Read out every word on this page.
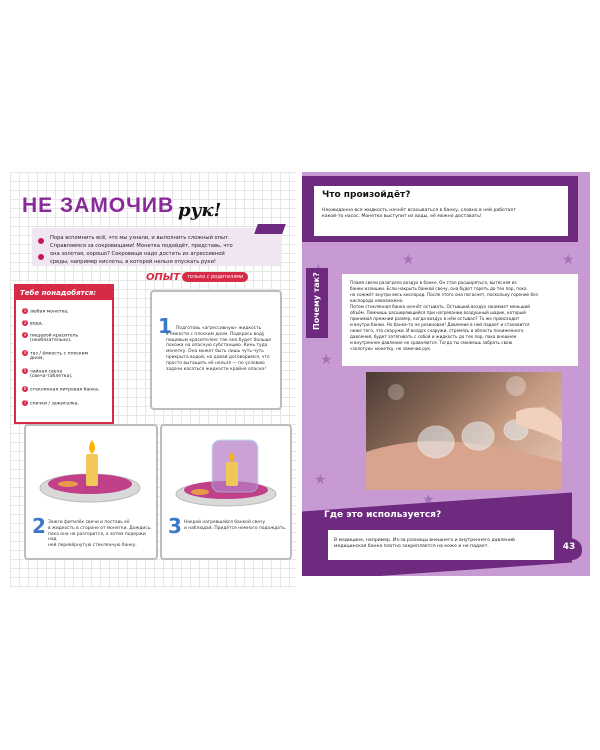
НЕ ЗАМОЧИВ рук!
Пора вспомнить всё, что мы узнали, и выполнить сложный опыт.
Справляемся за сокровищами! Монетка подойдёт, представь, что
она золотая, хорошо? Сокровище надо достать из агрессивной
среды, например кислоты, в которой нельзя опускать руки!
Тебе понадобятся:
1 любая монетка,
2 вода,
3 пищевой краситель
(необязательно),
4 таз / ёмкость с плоским
дном,
5 чайная свеча
(свеча-таблетка),
6 стеклянная литровая банка,
7 спички / зажигалка.
ОПЫТ	только с родителями
1 Подготовь «агрессивную» жидкость
в ёмкости с плоским дном. Подкрась воду
пищевым красителем: так она будет больше
похожа на опасную субстанцию. Кинь туда
монетку. Она может быть лишь чуть-чуть
прикрыта водой, но давай договоримся, что
просто вытащить её нельзя — по условию
задачи касаться жидкости крайне опасно!
2 Зажги фитилёк свечи и поставь её
в жидкость в стороне от монетки. Дождись,
пока она не разгорится, а затем подержи над
ней перевёрнутую стеклянную банку.
3 Накрой нагревшейся банкой свечу
и наблюдай. Придётся немного подождать.
★
★
★
★
★
Что произойдёт?
Неожиданно вся жидкость начнёт всасываться в банку, словно в ней работает
какой-то насос. Монетка выступит из воды, её можно доставать!
Почему так?	Пламя свечи разогрело воздух в банке. Он стал расширяться, вытесняя из
банки излишки. Если накрыть банкой свечу, она будет гореть до тех пор, пока
не сожжёт внутри весь кислород. После этого она погаснет, поскольку горение без
кислорода невозможно.
Потом стеклянная банка начнёт остывать. Остывший воздух занимает меньший
объём. Помнишь расширяющийся при нагревании воздушный шарик, который
принимал прежний размер, когда воздух в нём остывал? То же происходит
и внутри банки. Но банка-то не резиновая! Давление в ней падает и становится
ниже того, что снаружи. И воздух снаружи, стремясь в область пониженного
давления, будет затягивать с собой и жидкость до тех пор, пока внешнее
и внутреннее давление не сравняются. Тогда ты сможешь забрать свою
«золотую» монетку, не замочив рук.
Где это используется?
В медицине, например. Из-за разницы внешнего и внутреннего давлений
медицинская банка плотно закрепляется на коже и не падает.	43
